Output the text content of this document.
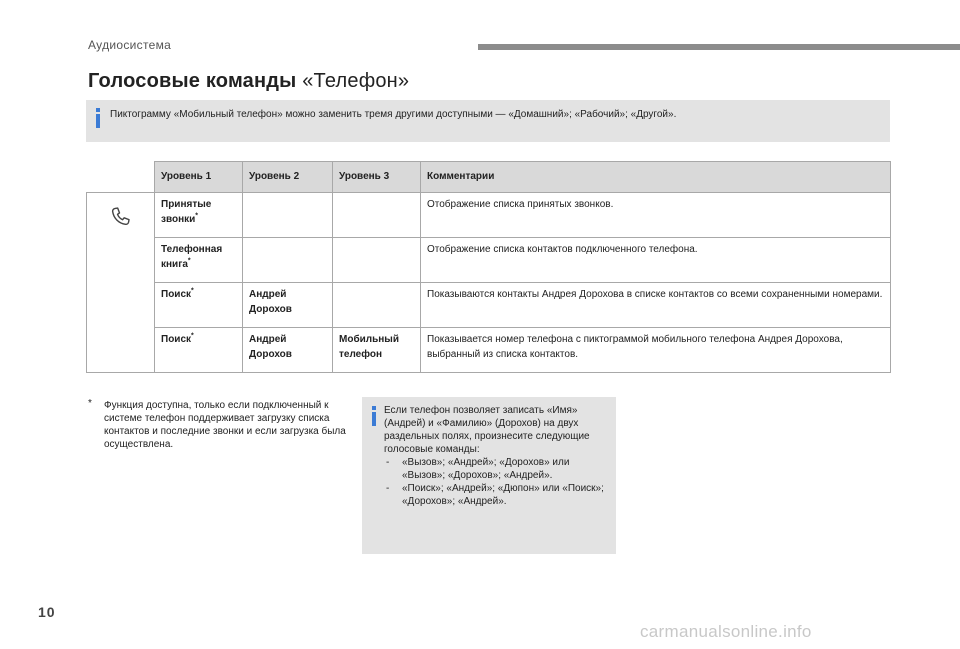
Аудиосистема
Голосовые команды «Телефон»
Пиктограмму «Мобильный телефон» можно заменить тремя другими доступными — «Домашний»; «Рабочий»; «Другой».
	Уровень 1	Уровень 2	Уровень 3	Комментарии
	Принятые звонки*			Отображение списка принятых звонков.
	Телефонная книга*			Отображение списка контактов подключенного телефона.
	Поиск*	Андрей Дорохов		Показываются контакты Андрея Дорохова в списке контактов со всеми сохраненными номерами.
	Поиск*	Андрей Дорохов	Мобильный телефон	Показывается номер телефона с пиктограммой мобильного телефона Андрея Дорохова, выбранный из списка контактов.
* Функция доступна, только если подключенный к системе телефон поддерживает загрузку списка контактов и последние звонки и если загрузка была осуществлена.
Если телефон позволяет записать «Имя» (Андрей) и «Фамилию» (Дорохов) на двух раздельных полях, произнесите следующие голосовые команды:
- «Вызов»; «Андрей»; «Дорохов» или «Вызов»; «Дорохов»; «Андрей».
- «Поиск»; «Андрей»; «Дюпон» или «Поиск»; «Дорохов»; «Андрей».
10
carmanualsonline.info
